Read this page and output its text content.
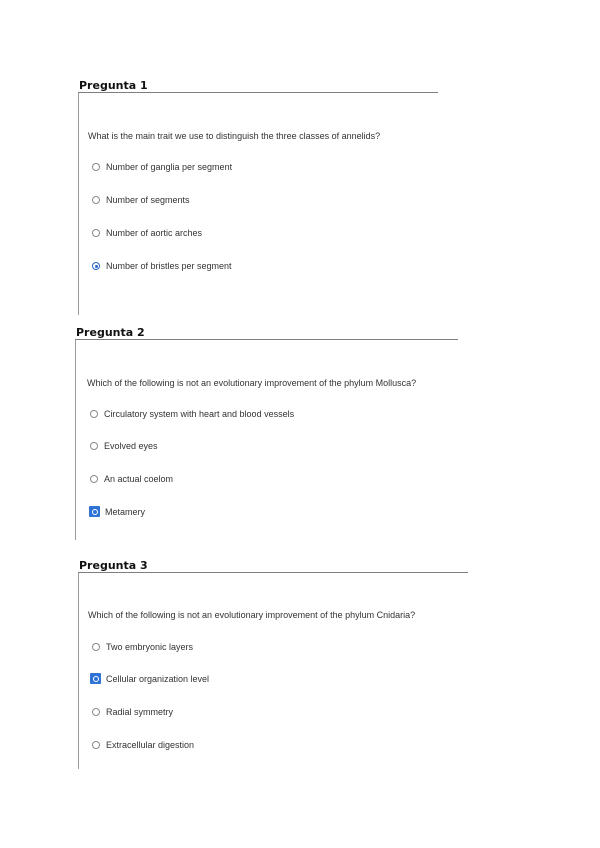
Pregunta 1
What is the main trait we use to distinguish the three classes of annelids?
Number of ganglia per segment
Number of segments
Number of aortic arches
Number of bristles per segment
Pregunta 2
Which of the following is not an evolutionary improvement of the phylum Mollusca?
Circulatory system with heart and blood vessels
Evolved eyes
An actual coelom
Metamery
Pregunta 3
Which of the following is not an evolutionary improvement of the phylum Cnidaria?
Two embryonic layers
Cellular organization level
Radial symmetry
Extracellular digestion
